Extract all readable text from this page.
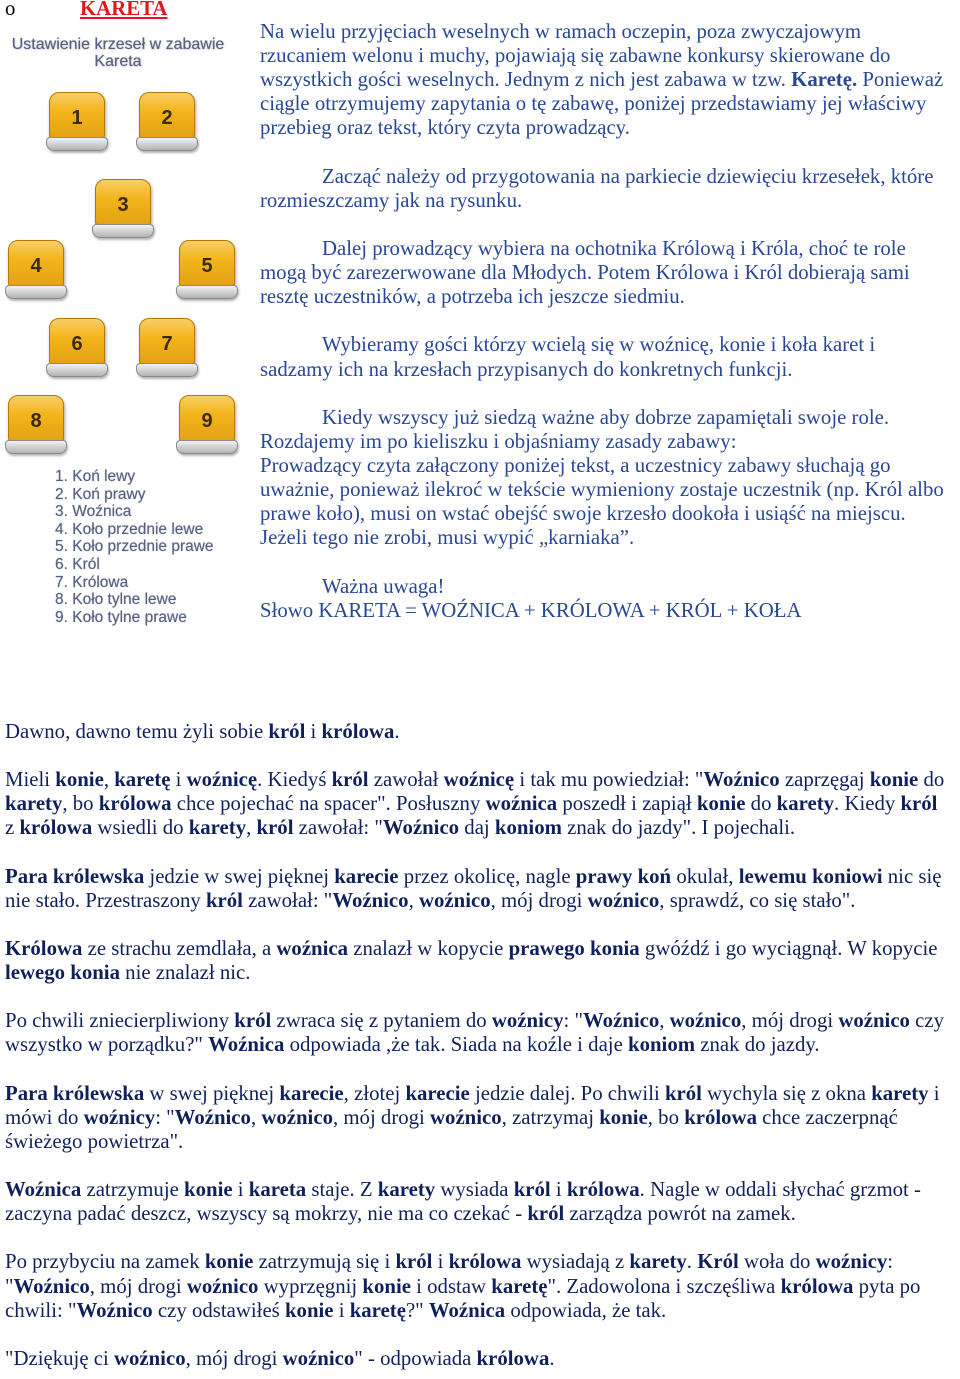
o

	KARETA

Ustawienie krzeseł w zabawie
Kareta
1	2
3
4	5
6	7
8	9
1. Koń lewy
2. Koń prawy
3. Woźnica
4. Koło przednie lewe
5. Koło przednie prawe
6. Król
7. Królowa
8. Koło tylne lewe
9. Koło tylne prawe
Na wielu przyjęciach weselnych w ramach oczepin, poza zwyczajowym
rzucaniem welonu i muchy, pojawiają się zabawne konkursy skierowane do
wszystkich gości weselnych. Jednym z nich jest zabawa w tzw. Karetę. Ponieważ
ciągle otrzymujemy zapytania o tę zabawę, poniżej przedstawiamy jej właściwy
przebieg oraz tekst, który czyta prowadzący.
Zacząć należy od przygotowania na parkiecie dziewięciu krzesełek, które
rozmieszczamy jak na rysunku.
Dalej prowadzący wybiera na ochotnika Królową i Króla, choć te role
mogą być zarezerwowane dla Młodych. Potem Królowa i Król dobierają sami
resztę uczestników, a potrzeba ich jeszcze siedmiu.
Wybieramy gości którzy wcielą się w woźnicę, konie i koła karet i
sadzamy ich na krzesłach przypisanych do konkretnych funkcji.
Kiedy wszyscy już siedzą ważne aby dobrze zapamiętali swoje role.
Rozdajemy im po kieliszku i objaśniamy zasady zabawy:
Prowadzący czyta załączony poniżej tekst, a uczestnicy zabawy słuchają go
uważnie, ponieważ ilekroć w tekście wymieniony zostaje uczestnik (np. Król albo
prawe koło), musi on wstać obejść swoje krzesło dookoła i usiąść na miejscu.
Jeżeli tego nie zrobi, musi wypić „karniaka”.
Ważna uwaga!
Słowo KARETA = WOŹNICA + KRÓLOWA + KRÓL + KOŁA
Dawno, dawno temu żyli sobie król i królowa.
Mieli konie, karetę i woźnicę. Kiedyś król zawołał woźnicę i tak mu powiedział: "Woźnico zaprzęgaj konie do
karety, bo królowa chce pojechać na spacer". Posłuszny woźnica poszedł i zapiął konie do karety. Kiedy król
z królowa wsiedli do karety, król zawołał: "Woźnico daj koniom znak do jazdy". I pojechali.
Para królewska jedzie w swej pięknej karecie przez okolicę, nagle prawy koń okulał, lewemu koniowi nic się
nie stało. Przestraszony król zawołał: "Woźnico, woźnico, mój drogi woźnico, sprawdź, co się stało".
Królowa ze strachu zemdlała, a woźnica znalazł w kopycie prawego konia gwóźdź i go wyciągnął. W kopycie
lewego konia nie znalazł nic.
Po chwili zniecierpliwiony król zwraca się z pytaniem do woźnicy: "Woźnico, woźnico, mój drogi woźnico czy
wszystko w porządku?" Woźnica odpowiada ,że tak. Siada na koźle i daje koniom znak do jazdy.
Para królewska w swej pięknej karecie, złotej karecie jedzie dalej. Po chwili król wychyla się z okna karety i
mówi do woźnicy: "Woźnico, woźnico, mój drogi woźnico, zatrzymaj konie, bo królowa chce zaczerpnąć
świeżego powietrza".
Woźnica zatrzymuje konie i kareta staje. Z karety wysiada król i królowa. Nagle w oddali słychać grzmot -
zaczyna padać deszcz, wszyscy są mokrzy, nie ma co czekać - król zarządza powrót na zamek.
Po przybyciu na zamek konie zatrzymują się i król i królowa wysiadają z karety. Król woła do woźnicy:
"Woźnico, mój drogi woźnico wyprzęgnij konie i odstaw karetę". Zadowolona i szczęśliwa królowa pyta po
chwili: "Woźnico czy odstawiłeś konie i karetę?" Woźnica odpowiada, że tak.
"Dziękuję ci woźnico, mój drogi woźnico" - odpowiada królowa.
